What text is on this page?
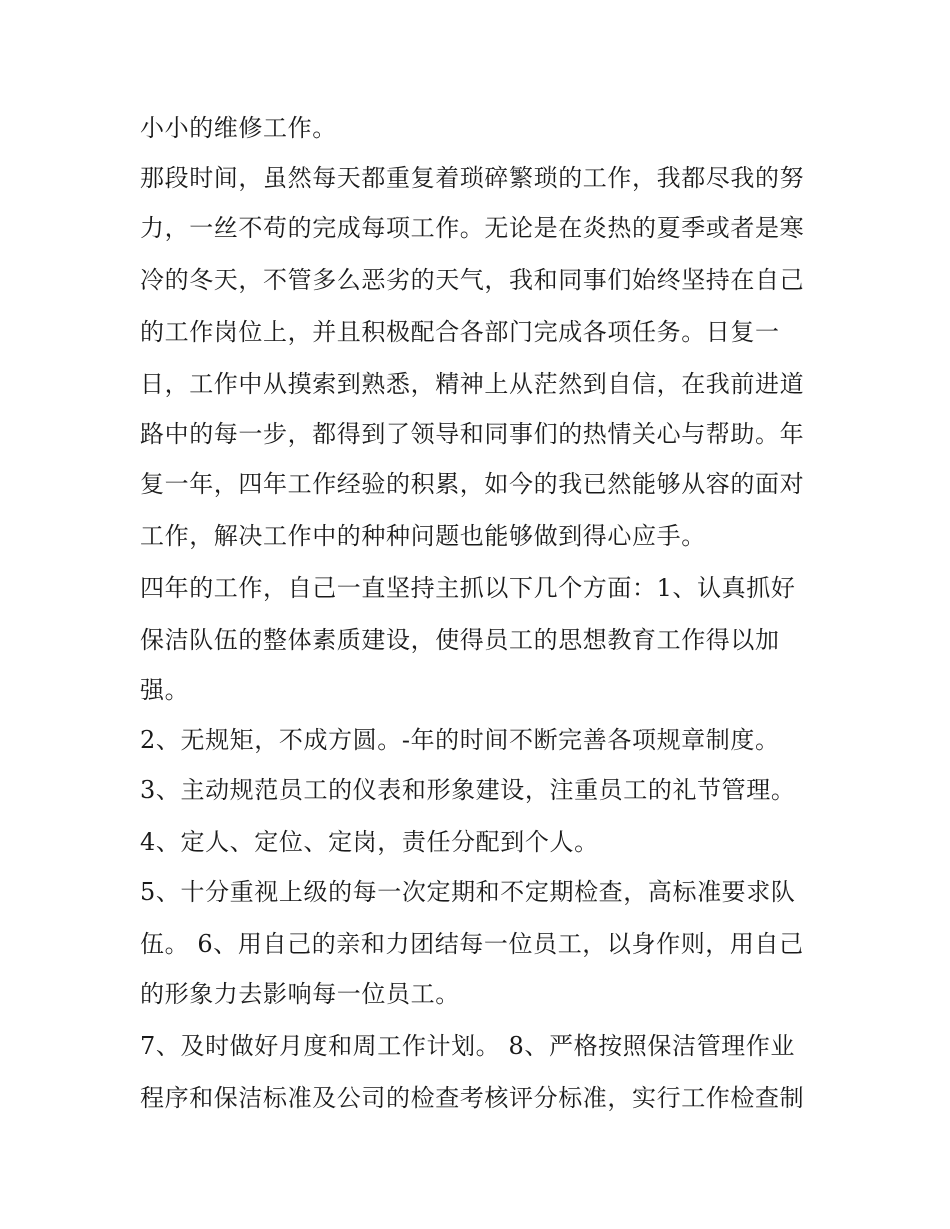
小小的维修工作。
那段时间，虽然每天都重复着琐碎繁琐的工作，我都尽我的努
力，一丝不苟的完成每项工作。无论是在炎热的夏季或者是寒
冷的冬天，不管多么恶劣的天气，我和同事们始终坚持在自己
的工作岗位上，并且积极配合各部门完成各项任务。日复一
日，工作中从摸索到熟悉，精神上从茫然到自信，在我前进道
路中的每一步，都得到了领导和同事们的热情关心与帮助。年
复一年，四年工作经验的积累，如今的我已然能够从容的面对
工作，解决工作中的种种问题也能够做到得心应手。
四年的工作，自己一直坚持主抓以下几个方面：1、认真抓好
保洁队伍的整体素质建设，使得员工的思想教育工作得以加
强。
2、无规矩，不成方圆。-年的时间不断完善各项规章制度。
3、主动规范员工的仪表和形象建设，注重员工的礼节管理。
4、定人、定位、定岗，责任分配到个人。
5、十分重视上级的每一次定期和不定期检查，高标准要求队
伍。 6、用自己的亲和力团结每一位员工，以身作则，用自己
的形象力去影响每一位员工。
7、及时做好月度和周工作计划。 8、严格按照保洁管理作业
程序和保洁标准及公司的检查考核评分标准，实行工作检查制
